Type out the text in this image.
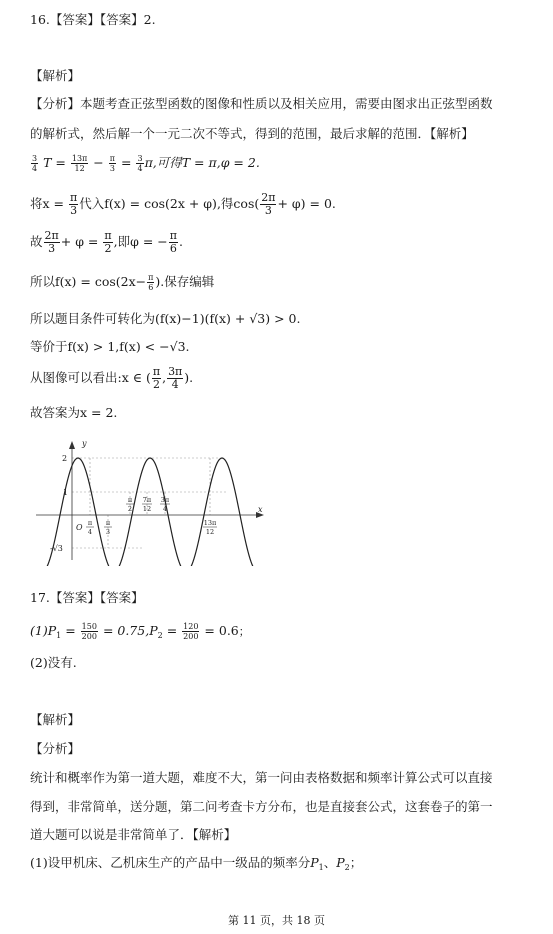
16.【答案】【答案】2.
【解析】
【分析】本题考查正弦型函数的图像和性质以及相关应用，需要由图求出正弦型函数
的解析式，然后解一个一元二次不等式，得到的范围，最后求解的范围．【解析】
$\frac{3}{4}$ $T = \frac{13\pi}{12} - \frac{\pi}{3} = \frac{3}{4} \pi$,可得T = π,φ = 2.
将$x = \frac{\pi}{3}$ 代入f(x) = cos(2x + φ),得$\cos( \frac{2\pi}{3} + \varphi) = 0$.
故 $\frac{2\pi}{3} + \varphi = \frac{\pi}{2}$ ,即φ = − $\frac{\pi}{6}$ .
所以$f(x) = \cos(2x- \frac{\pi}{6}$ ).保存编辑
所以题目条件可转化为(f(x)−1)(f(x) + √3) > 0.
等价于f(x) > 1,f(x) < −√3.
从图像可以看出:x ∈ ( $\frac{\pi}{2}$ , $\frac{3\pi}{4}$ ).
故答案为x = 2.
y
x
O
2
1
-√3
π
4
π
3
π
2
7π
12
3π
4
13π
12
17.【答案】【答案】
$(1)P_1 = \frac{150}{200} = 0.75,P_2 = \frac{120}{200} = 0.6$；
(2)没有.
【解析】
【分析】
统计和概率作为第一道大题，难度不大，第一问由表格数据和频率计算公式可以直接
得到，非常简单，送分题，第二问考查卡方分布，也是直接套公式，这套卷子的第一
道大题可以说是非常简单了．【解析】
(1)设甲机床、乙机床生产的产品中一级品的频率分$P_1$、$P_2$；
第 11 页，共 18 页
